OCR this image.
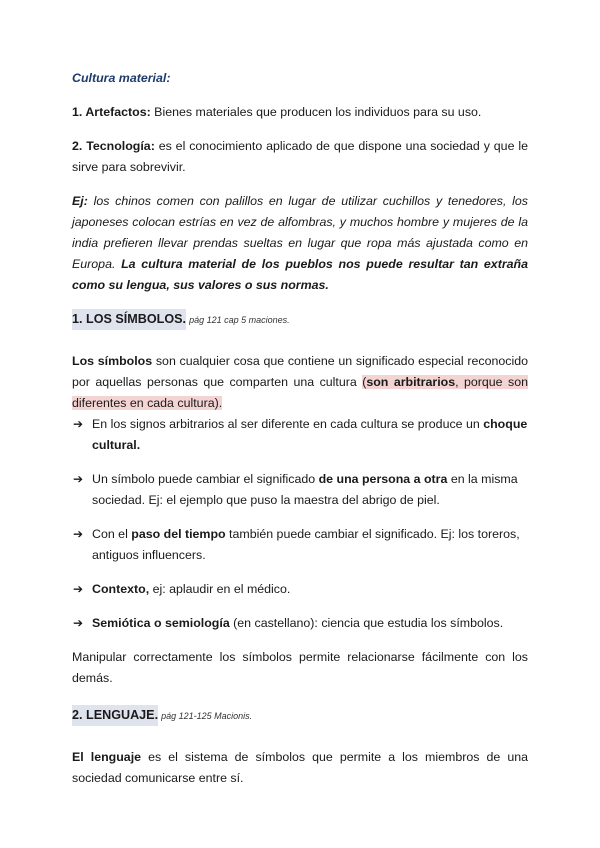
Cultura material:

1. Artefactos: Bienes materiales que producen los individuos para su uso.

2. Tecnología: es el conocimiento aplicado de que dispone una sociedad y que le sirve para sobrevivir.

Ej: los chinos comen con palillos en lugar de utilizar cuchillos y tenedores, los japoneses colocan estrías en vez de alfombras, y muchos hombre y mujeres de la india prefieren llevar prendas sueltas en lugar que ropa más ajustada como en Europa. La cultura material de los pueblos nos puede resultar tan extraña como su lengua, sus valores o sus normas.

1. LOS SÍMBOLOS. pág 121 cap 5 maciones.

Los símbolos son cualquier cosa que contiene un significado especial reconocido por aquellas personas que comparten una cultura (son arbitrarios, porque son diferentes en cada cultura).

➔ En los signos arbitrarios al ser diferente en cada cultura se produce un choque cultural.
➔ Un símbolo puede cambiar el significado de una persona a otra en la misma sociedad. Ej: el ejemplo que puso la maestra del abrigo de piel.
➔ Con el paso del tiempo también puede cambiar el significado. Ej: los toreros, antiguos influencers.
➔ Contexto, ej: aplaudir en el médico.
➔ Semiótica o semiología (en castellano): ciencia que estudia los símbolos.

Manipular correctamente los símbolos permite relacionarse fácilmente con los demás.

2. LENGUAJE. pág 121-125 Macionis.

El lenguaje es el sistema de símbolos que permite a los miembros de una sociedad comunicarse entre sí.
